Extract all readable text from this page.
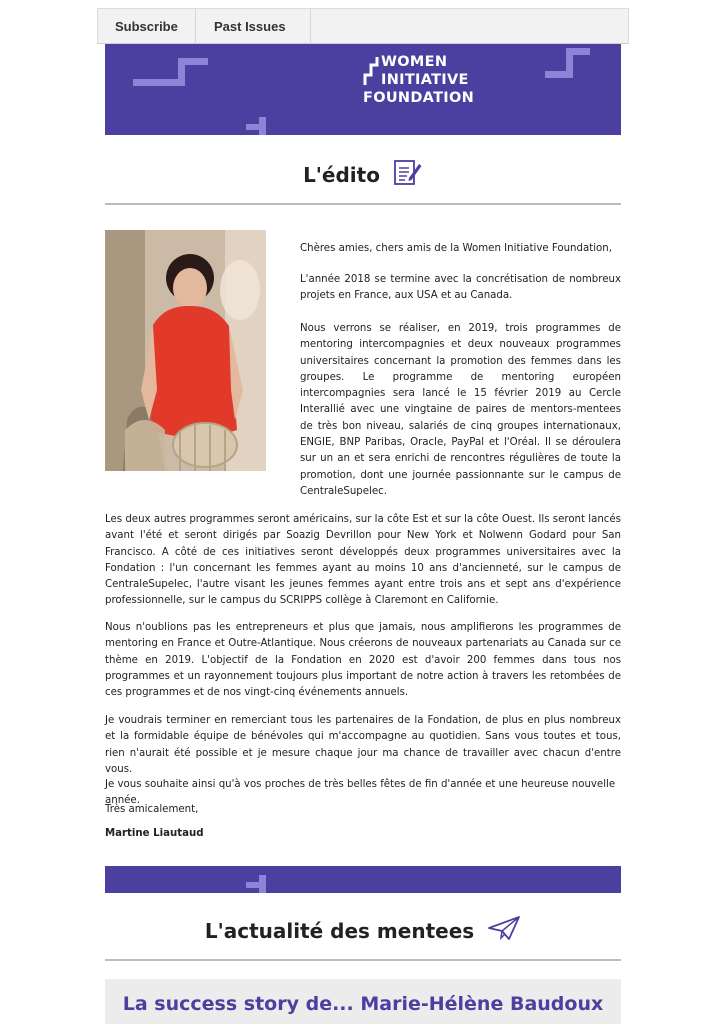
Subscribe	Past Issues
WOMEN
INITIATIVE
FOUNDATION
L'édito
Chères amies, chers amis de la Women Initiative Foundation,
L'année 2018 se termine avec la concrétisation de nombreux projets en France, aux USA et au Canada.
Nous verrons se réaliser, en 2019, trois programmes de mentoring intercompagnies et deux nouveaux programmes universitaires concernant la promotion des femmes dans les groupes. Le programme de mentoring européen intercompagnies sera lancé le 15 février 2019 au Cercle Interallié avec une vingtaine de paires de mentors-mentees de très bon niveau, salariés de cinq groupes internationaux, ENGIE, BNP Paribas, Oracle, PayPal et l'Oréal. Il se déroulera sur un an et sera enrichi de rencontres régulières de toute la promotion, dont une journée passionnante sur le campus de CentraleSupelec.
Les deux autres programmes seront américains, sur la côte Est et sur la côte Ouest. Ils seront lancés avant l'été et seront dirigés par Soazig Devrillon pour New York et Nolwenn Godard pour San Francisco. A côté de ces initiatives seront développés deux programmes universitaires avec la Fondation : l'un concernant les femmes ayant au moins 10 ans d'ancienneté, sur le campus de CentraleSupelec, l'autre visant les jeunes femmes ayant entre trois ans et sept ans d'expérience professionnelle, sur le campus du SCRIPPS collège à Claremont en Californie.
Nous n'oublions pas les entrepreneurs et plus que jamais, nous amplifierons les programmes de mentoring en France et Outre-Atlantique. Nous créerons de nouveaux partenariats au Canada sur ce thème en 2019. L'objectif de la Fondation en 2020 est d'avoir 200 femmes dans tous nos programmes et un rayonnement toujours plus important de notre action à travers les retombées de ces programmes et de nos vingt-cinq événements annuels.
Je voudrais terminer en remerciant tous les partenaires de la Fondation, de plus en plus nombreux et la formidable équipe de bénévoles qui m'accompagne au quotidien. Sans vous toutes et tous, rien n'aurait été possible et je mesure chaque jour ma chance de travailler avec chacun d'entre vous.
Je vous souhaite ainsi qu'à vos proches de très belles fêtes de fin d'année et une heureuse nouvelle année.
Très amicalement,
Martine Liautaud
L'actualité des mentees
La success story de... Marie-Hélène Baudoux
